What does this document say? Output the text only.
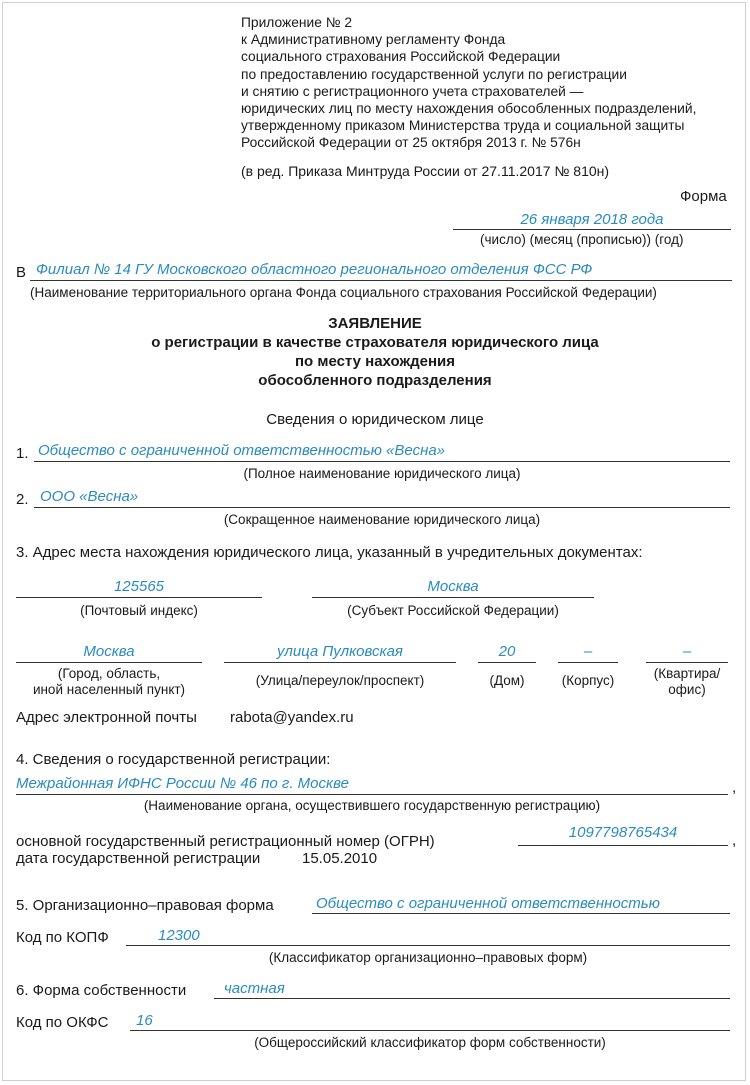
Приложение № 2
к Административному регламенту Фонда
социального страхования Российской Федерации
по предоставлению государственной услуги по регистрации
и снятию с регистрационного учета страхователей —
юридических лиц по месту нахождения обособленных подразделений,
утвержденному приказом Министерства труда и социальной защиты
Российской Федерации от 25 октября 2013 г. № 576н
(в ред. Приказа Минтруда России от 27.11.2017 № 810н)
Форма
26 января 2018 года
(число) (месяц (прописью)) (год)
В Филиал № 14 ГУ Московского областного регионального отделения ФСС РФ
(Наименование территориального органа Фонда социального страхования Российской Федерации)
ЗАЯВЛЕНИЕ
о регистрации в качестве страхователя юридического лица
по месту нахождения
обособленного подразделения
Сведения о юридическом лице
1. Общество с ограниченной ответственностью «Весна»
(Полное наименование юридического лица)
2. ООО «Весна»
(Сокращенное наименование юридического лица)
3. Адрес места нахождения юридического лица, указанный в учредительных документах:
125565
(Почтовый индекс)
Москва
(Субъект Российской Федерации)
Москва
(Город, область,
иной населенный пункт)
улица Пулковская
(Улица/переулок/проспект)
20
(Дом)
–
(Корпус)
–
(Квартира/
офис)
Адрес электронной почты rabota@yandex.ru
4. Сведения о государственной регистрации:
Межрайонная ИФНС России № 46 по г. Москве	,
(Наименование органа, осуществившего государственную регистрацию)
основной государственный регистрационный номер (ОГРН)
1097798765434	,
дата государственной регистрации	15.05.2010
5. Организационно–правовая форма	Общество с ограниченной ответственностью
Код по КОПФ	12300
(Классификатор организационно–правовых форм)
6. Форма собственности	частная
Код по ОКФС 16
(Общероссийский классификатор форм собственности)
